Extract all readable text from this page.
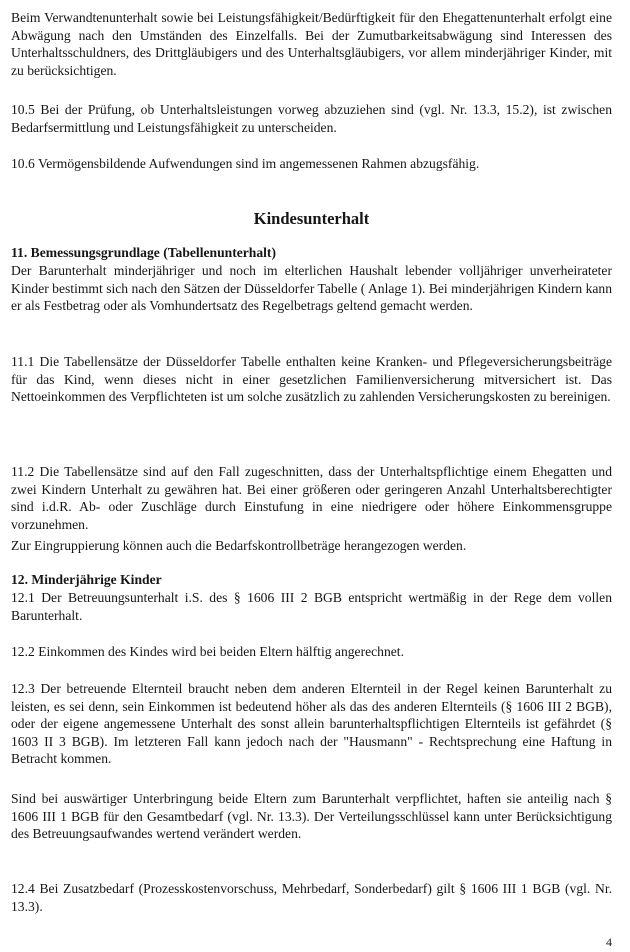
Beim Verwandtenunterhalt sowie bei Leistungsfähigkeit/Bedürftigkeit für den Ehegattenunterhalt erfolgt eine Abwägung nach den Umständen des Einzelfalls. Bei der Zumutbarkeitsabwägung sind Interessen des Unterhaltsschuldners, des Drittgläubigers und des Unterhaltsgläubigers, vor allem minderjähriger Kinder, mit zu berücksichtigen.

10.5 Bei der Prüfung, ob Unterhaltsleistungen vorweg abzuziehen sind (vgl. Nr. 13.3, 15.2), ist zwischen Bedarfsermittlung und Leistungsfähigkeit zu unterscheiden.

10.6 Vermögensbildende Aufwendungen sind im angemessenen Rahmen abzugsfähig.

Kindesunterhalt

11. Bemessungsgrundlage (Tabellenunterhalt)

Der Barunterhalt minderjähriger und noch im elterlichen Haushalt lebender volljähriger unverheirateter Kinder bestimmt sich nach den Sätzen der Düsseldorfer Tabelle ( Anlage 1). Bei minderjährigen Kindern kann er als Festbetrag oder als Vomhundertsatz des Regelbetrags geltend gemacht werden.

11.1 Die Tabellensätze der Düsseldorfer Tabelle enthalten keine Kranken- und Pflegeversicherungsbeiträge für das Kind, wenn dieses nicht in einer gesetzlichen Familienversicherung mitversichert ist. Das Nettoeinkommen des Verpflichteten ist um solche zusätzlich zu zahlenden Versicherungskosten zu bereinigen.

11.2 Die Tabellensätze sind auf den Fall zugeschnitten, dass der Unterhaltspflichtige einem Ehegatten und zwei Kindern Unterhalt zu gewähren hat. Bei einer größeren oder geringeren Anzahl Unterhaltsberechtigter sind i.d.R. Ab- oder Zuschläge durch Einstufung in eine niedrigere oder höhere Einkommensgruppe vorzunehmen.

Zur Eingruppierung können auch die Bedarfskontrollbeträge herangezogen werden.

12. Minderjährige Kinder

12.1 Der Betreuungsunterhalt i.S. des § 1606 III 2 BGB entspricht wertmäßig in der Rege dem vollen Barunterhalt.

12.2 Einkommen des Kindes wird bei beiden Eltern hälftig angerechnet.

12.3 Der betreuende Elternteil braucht neben dem anderen Elternteil in der Regel keinen Barunterhalt zu leisten, es sei denn, sein Einkommen ist bedeutend höher als das des anderen Elternteils (§ 1606 III 2 BGB), oder der eigene angemessene Unterhalt des sonst allein barunterhaltspflichtigen Elternteils ist gefährdet (§ 1603 II 3 BGB). Im letzteren Fall kann jedoch nach der "Hausmann" - Rechtsprechung eine Haftung in Betracht kommen.

Sind bei auswärtiger Unterbringung beide Eltern zum Barunterhalt verpflichtet, haften sie anteilig nach § 1606 III 1 BGB für den Gesamtbedarf (vgl. Nr. 13.3). Der Verteilungsschlüssel kann unter Berücksichtigung des Betreuungsaufwandes wertend verändert werden.

12.4 Bei Zusatzbedarf (Prozesskostenvorschuss, Mehrbedarf, Sonderbedarf) gilt § 1606 III 1 BGB (vgl. Nr. 13.3).

4
